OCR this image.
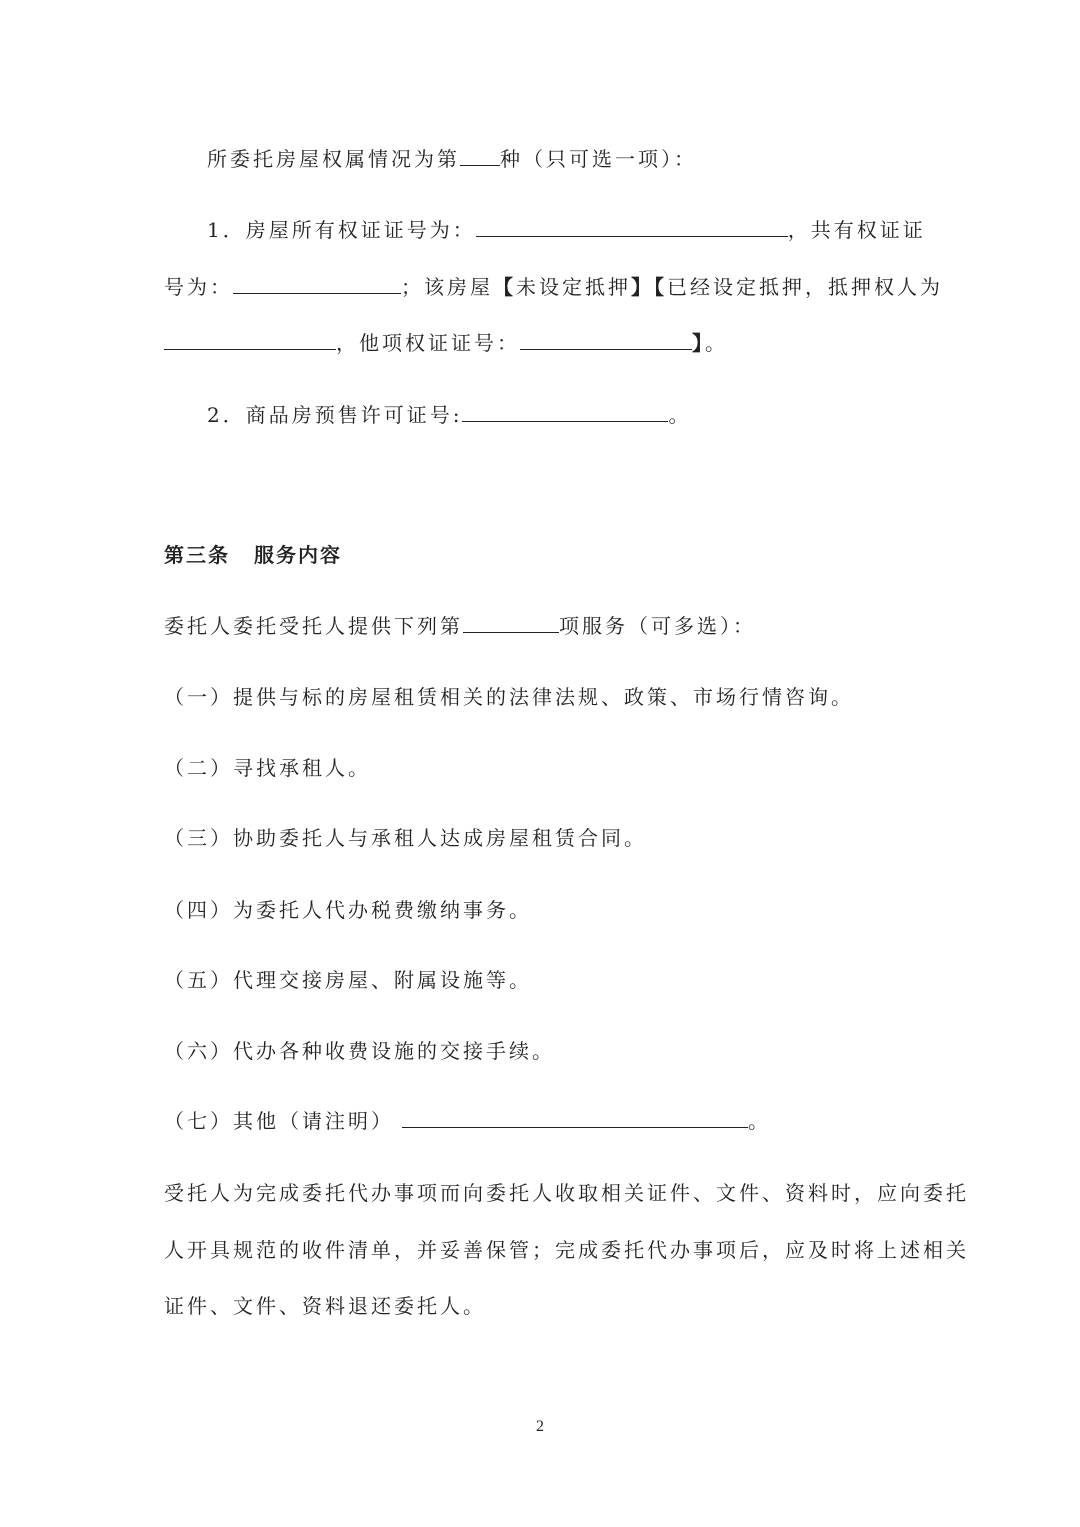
所委托房屋权属情况为第 种（只可选一项）：
1．房屋所有权证证号为：	，共有权证证
号为：	；该房屋【未设定抵押】【已经设定抵押，抵押权人为
，他项权证证号：	】。
2．商品房预售许可证号:	。
第三条 服务内容
委托人委托受托人提供下列第	项服务（可多选）：
（一）提供与标的房屋租赁相关的法律法规、政策、市场行情咨询。
（二）寻找承租人。
（三）协助委托人与承租人达成房屋租赁合同。
（四）为委托人代办税费缴纳事务。
（五）代理交接房屋、附属设施等。
（六）代办各种收费设施的交接手续。
（七）其他（请注明）	。
受托人为完成委托代办事项而向委托人收取相关证件、文件、资料时，应向委托
人开具规范的收件清单，并妥善保管；完成委托代办事项后，应及时将上述相关
证件、文件、资料退还委托人。
2
